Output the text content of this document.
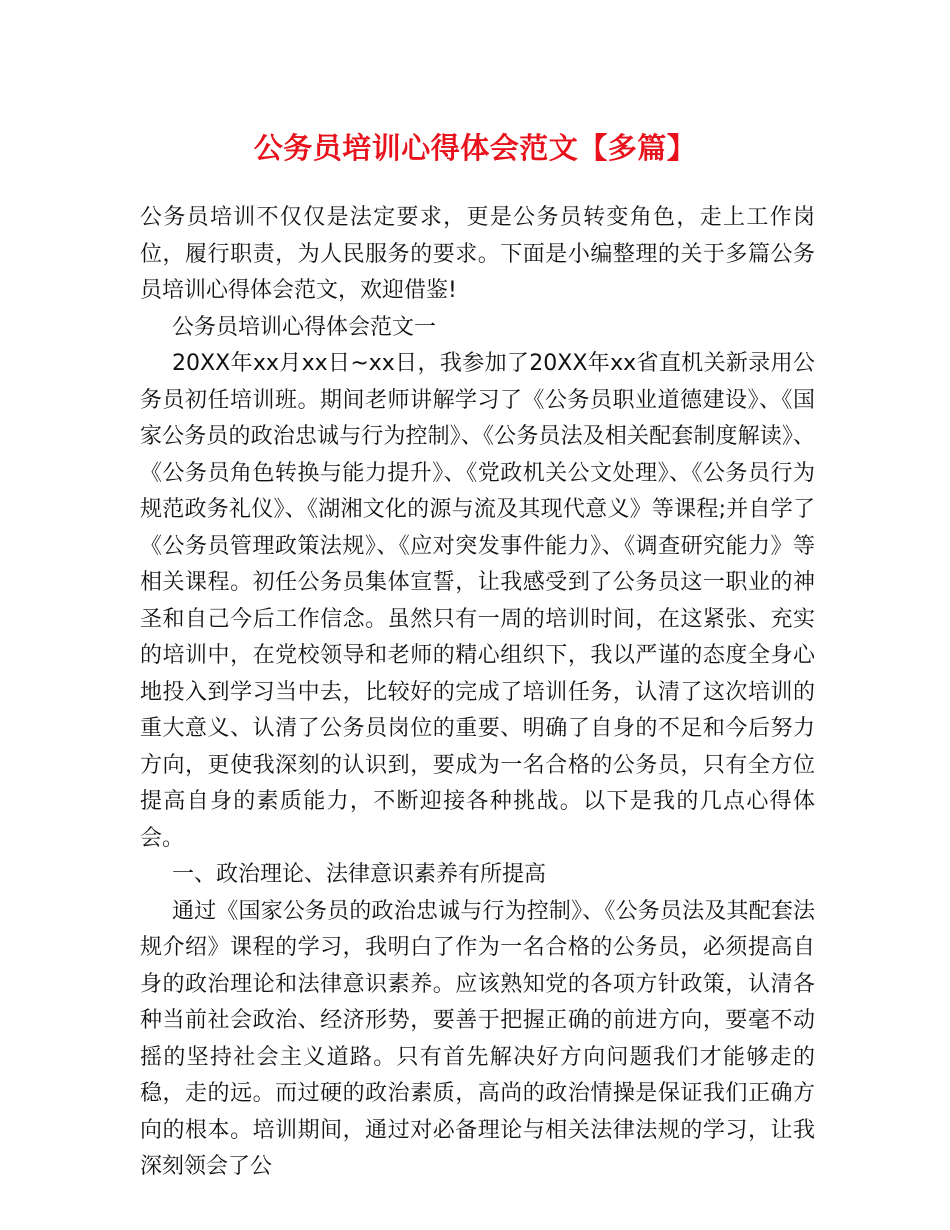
公务员培训心得体会范文【多篇】

公务员培训不仅仅是法定要求，更是公务员转变角色，走上工作岗位，履行职责，为人民服务的要求。下面是小编整理的关于多篇公务员培训心得体会范文，欢迎借鉴!

公务员培训心得体会范文一

20XX年xx月xx日~xx日，我参加了20XX年xx省直机关新录用公务员初任培训班。期间老师讲解学习了《公务员职业道德建设》、《国家公务员的政治忠诚与行为控制》、《公务员法及相关配套制度解读》、《公务员角色转换与能力提升》、《党政机关公文处理》、《公务员行为规范政务礼仪》、《湖湘文化的源与流及其现代意义》等课程;并自学了《公务员管理政策法规》、《应对突发事件能力》、《调查研究能力》等相关课程。初任公务员集体宣誓，让我感受到了公务员这一职业的神圣和自己今后工作信念。虽然只有一周的培训时间，在这紧张、充实的培训中，在党校领导和老师的精心组织下，我以严谨的态度全身心地投入到学习当中去，比较好的完成了培训任务，认清了这次培训的重大意义、认清了公务员岗位的重要、明确了自身的不足和今后努力方向，更使我深刻的认识到，要成为一名合格的公务员，只有全方位提高自身的素质能力，不断迎接各种挑战。以下是我的几点心得体会。

一、政治理论、法律意识素养有所提高

通过《国家公务员的政治忠诚与行为控制》、《公务员法及其配套法规介绍》课程的学习，我明白了作为一名合格的公务员，必须提高自身的政治理论和法律意识素养。应该熟知党的各项方针政策，认清各种当前社会政治、经济形势，要善于把握正确的前进方向，要毫不动摇的坚持社会主义道路。只有首先解决好方向问题我们才能够走的稳，走的远。而过硬的政治素质，高尚的政治情操是保证我们正确方向的根本。培训期间，通过对必备理论与相关法律法规的学习，让我深刻领会了公
